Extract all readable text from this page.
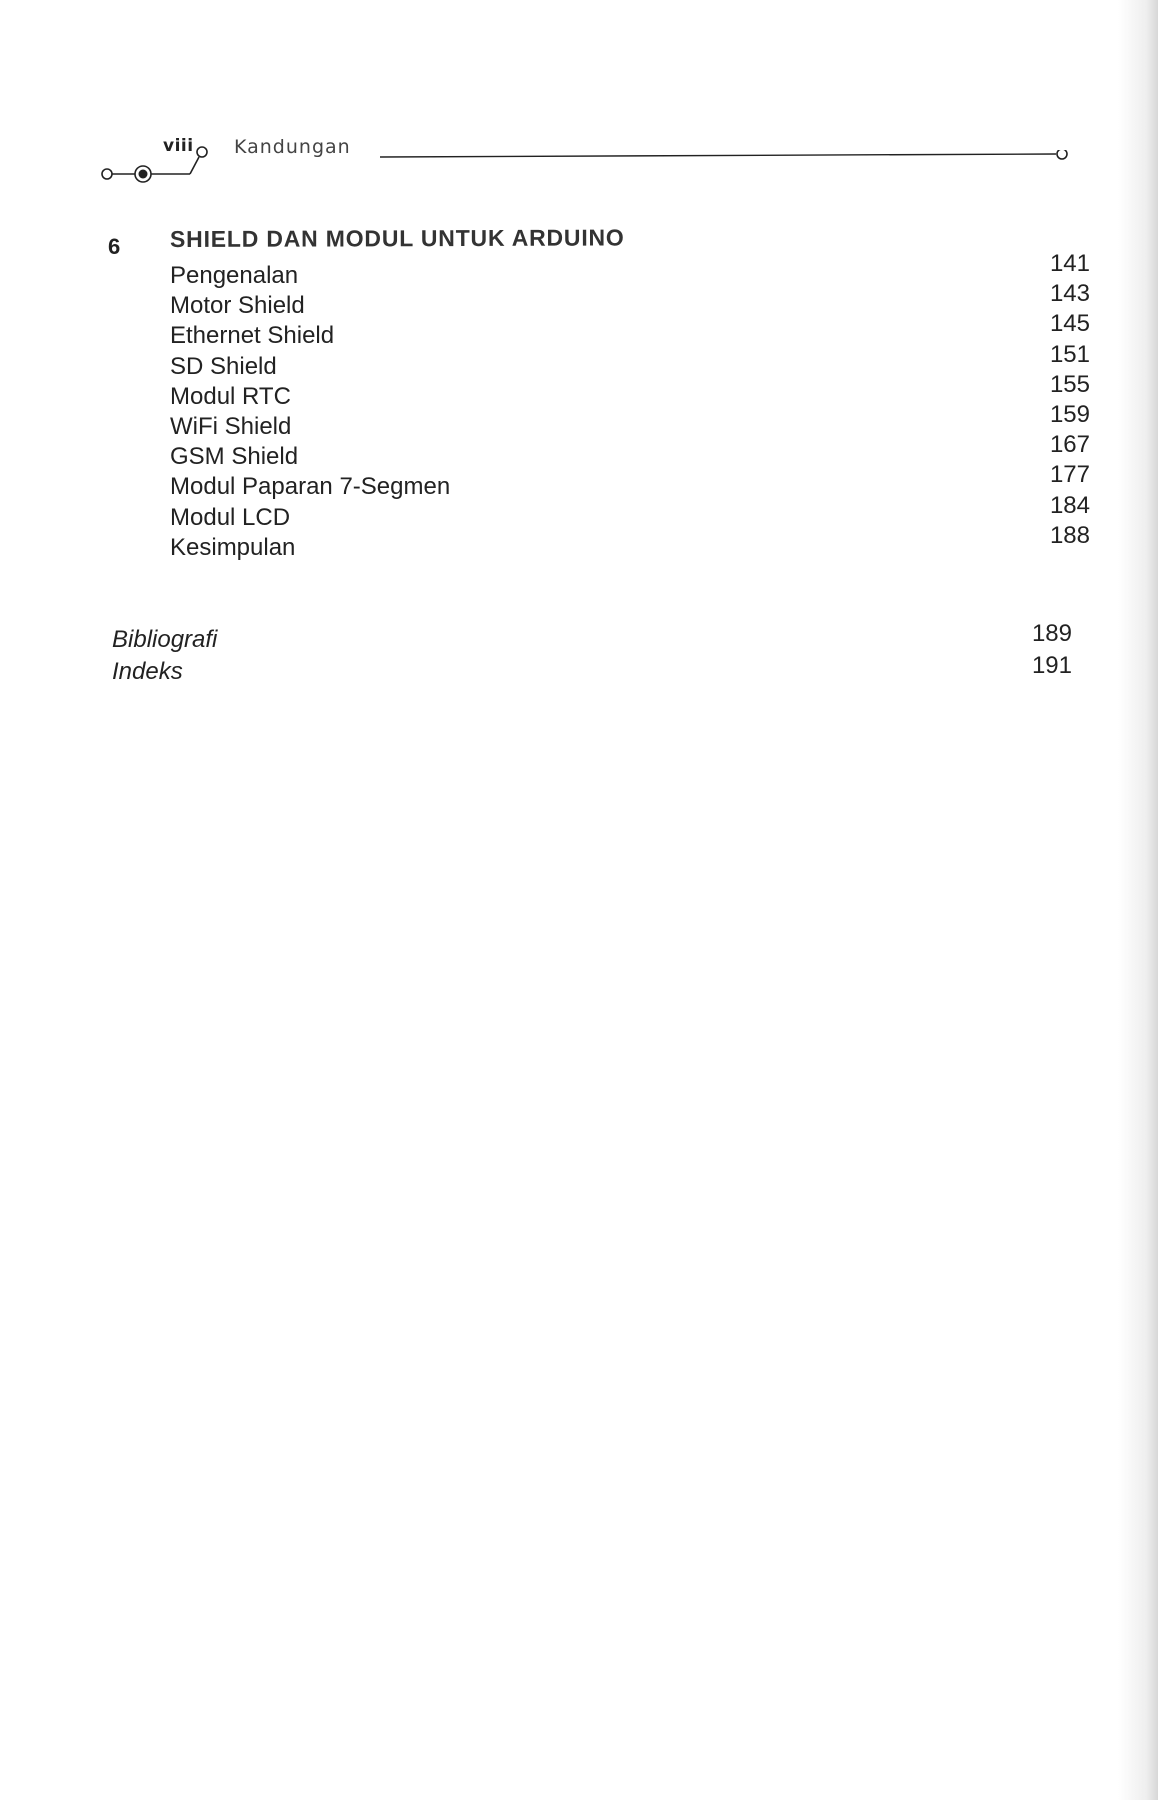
viii Kandungan
6 SHIELD DAN MODUL UNTUK ARDUINO
Pengenalan	141
Motor Shield	143
Ethernet Shield	145
SD Shield	151
Modul RTC	155
WiFi Shield	159
GSM Shield	167
Modul Paparan 7-Segmen	177
Modul LCD	184
Kesimpulan	188
Bibliografi	189
Indeks	191
